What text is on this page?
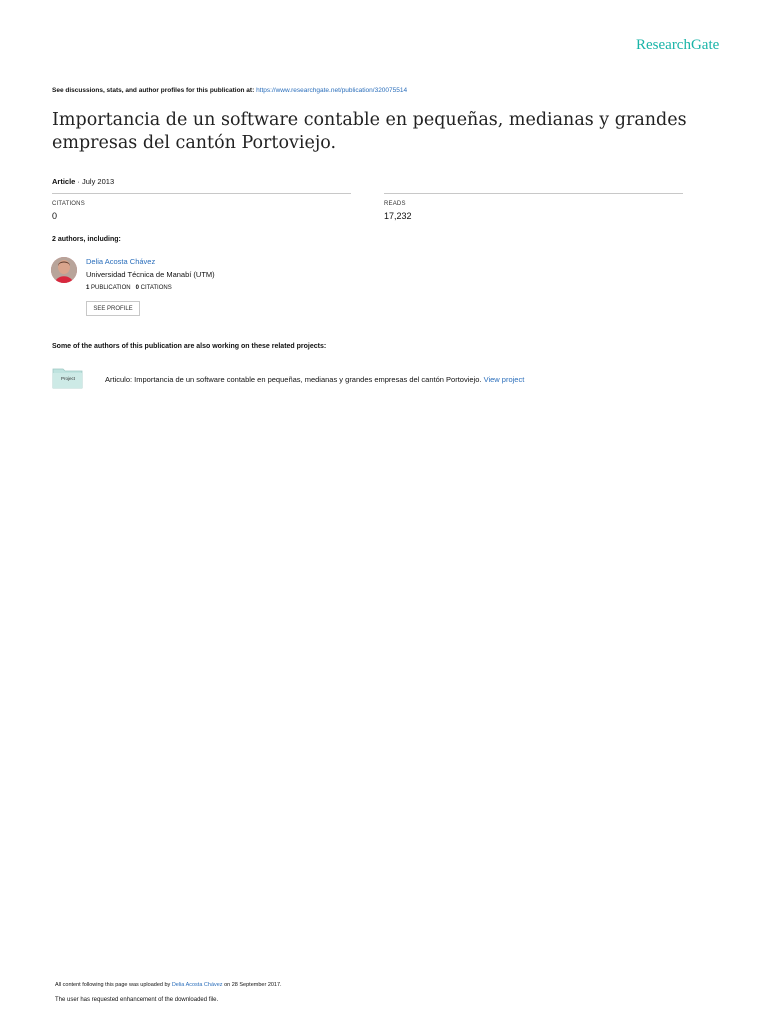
ResearchGate
See discussions, stats, and author profiles for this publication at: https://www.researchgate.net/publication/320075514
Importancia de un software contable en pequeñas, medianas y grandes empresas del cantón Portoviejo.
Article · July 2013
CITATIONS
0
READS
17,232
2 authors, including:
Delia Acosta Chávez
Universidad Técnica de Manabí (UTM)
1 PUBLICATION 0 CITATIONS
SEE PROFILE
Some of the authors of this publication are also working on these related projects:
Project	Articulo: Importancia de un software contable en pequeñas, medianas y grandes empresas del cantón Portoviejo. View project
All content following this page was uploaded by Delia Acosta Chávez on 28 September 2017.
The user has requested enhancement of the downloaded file.
